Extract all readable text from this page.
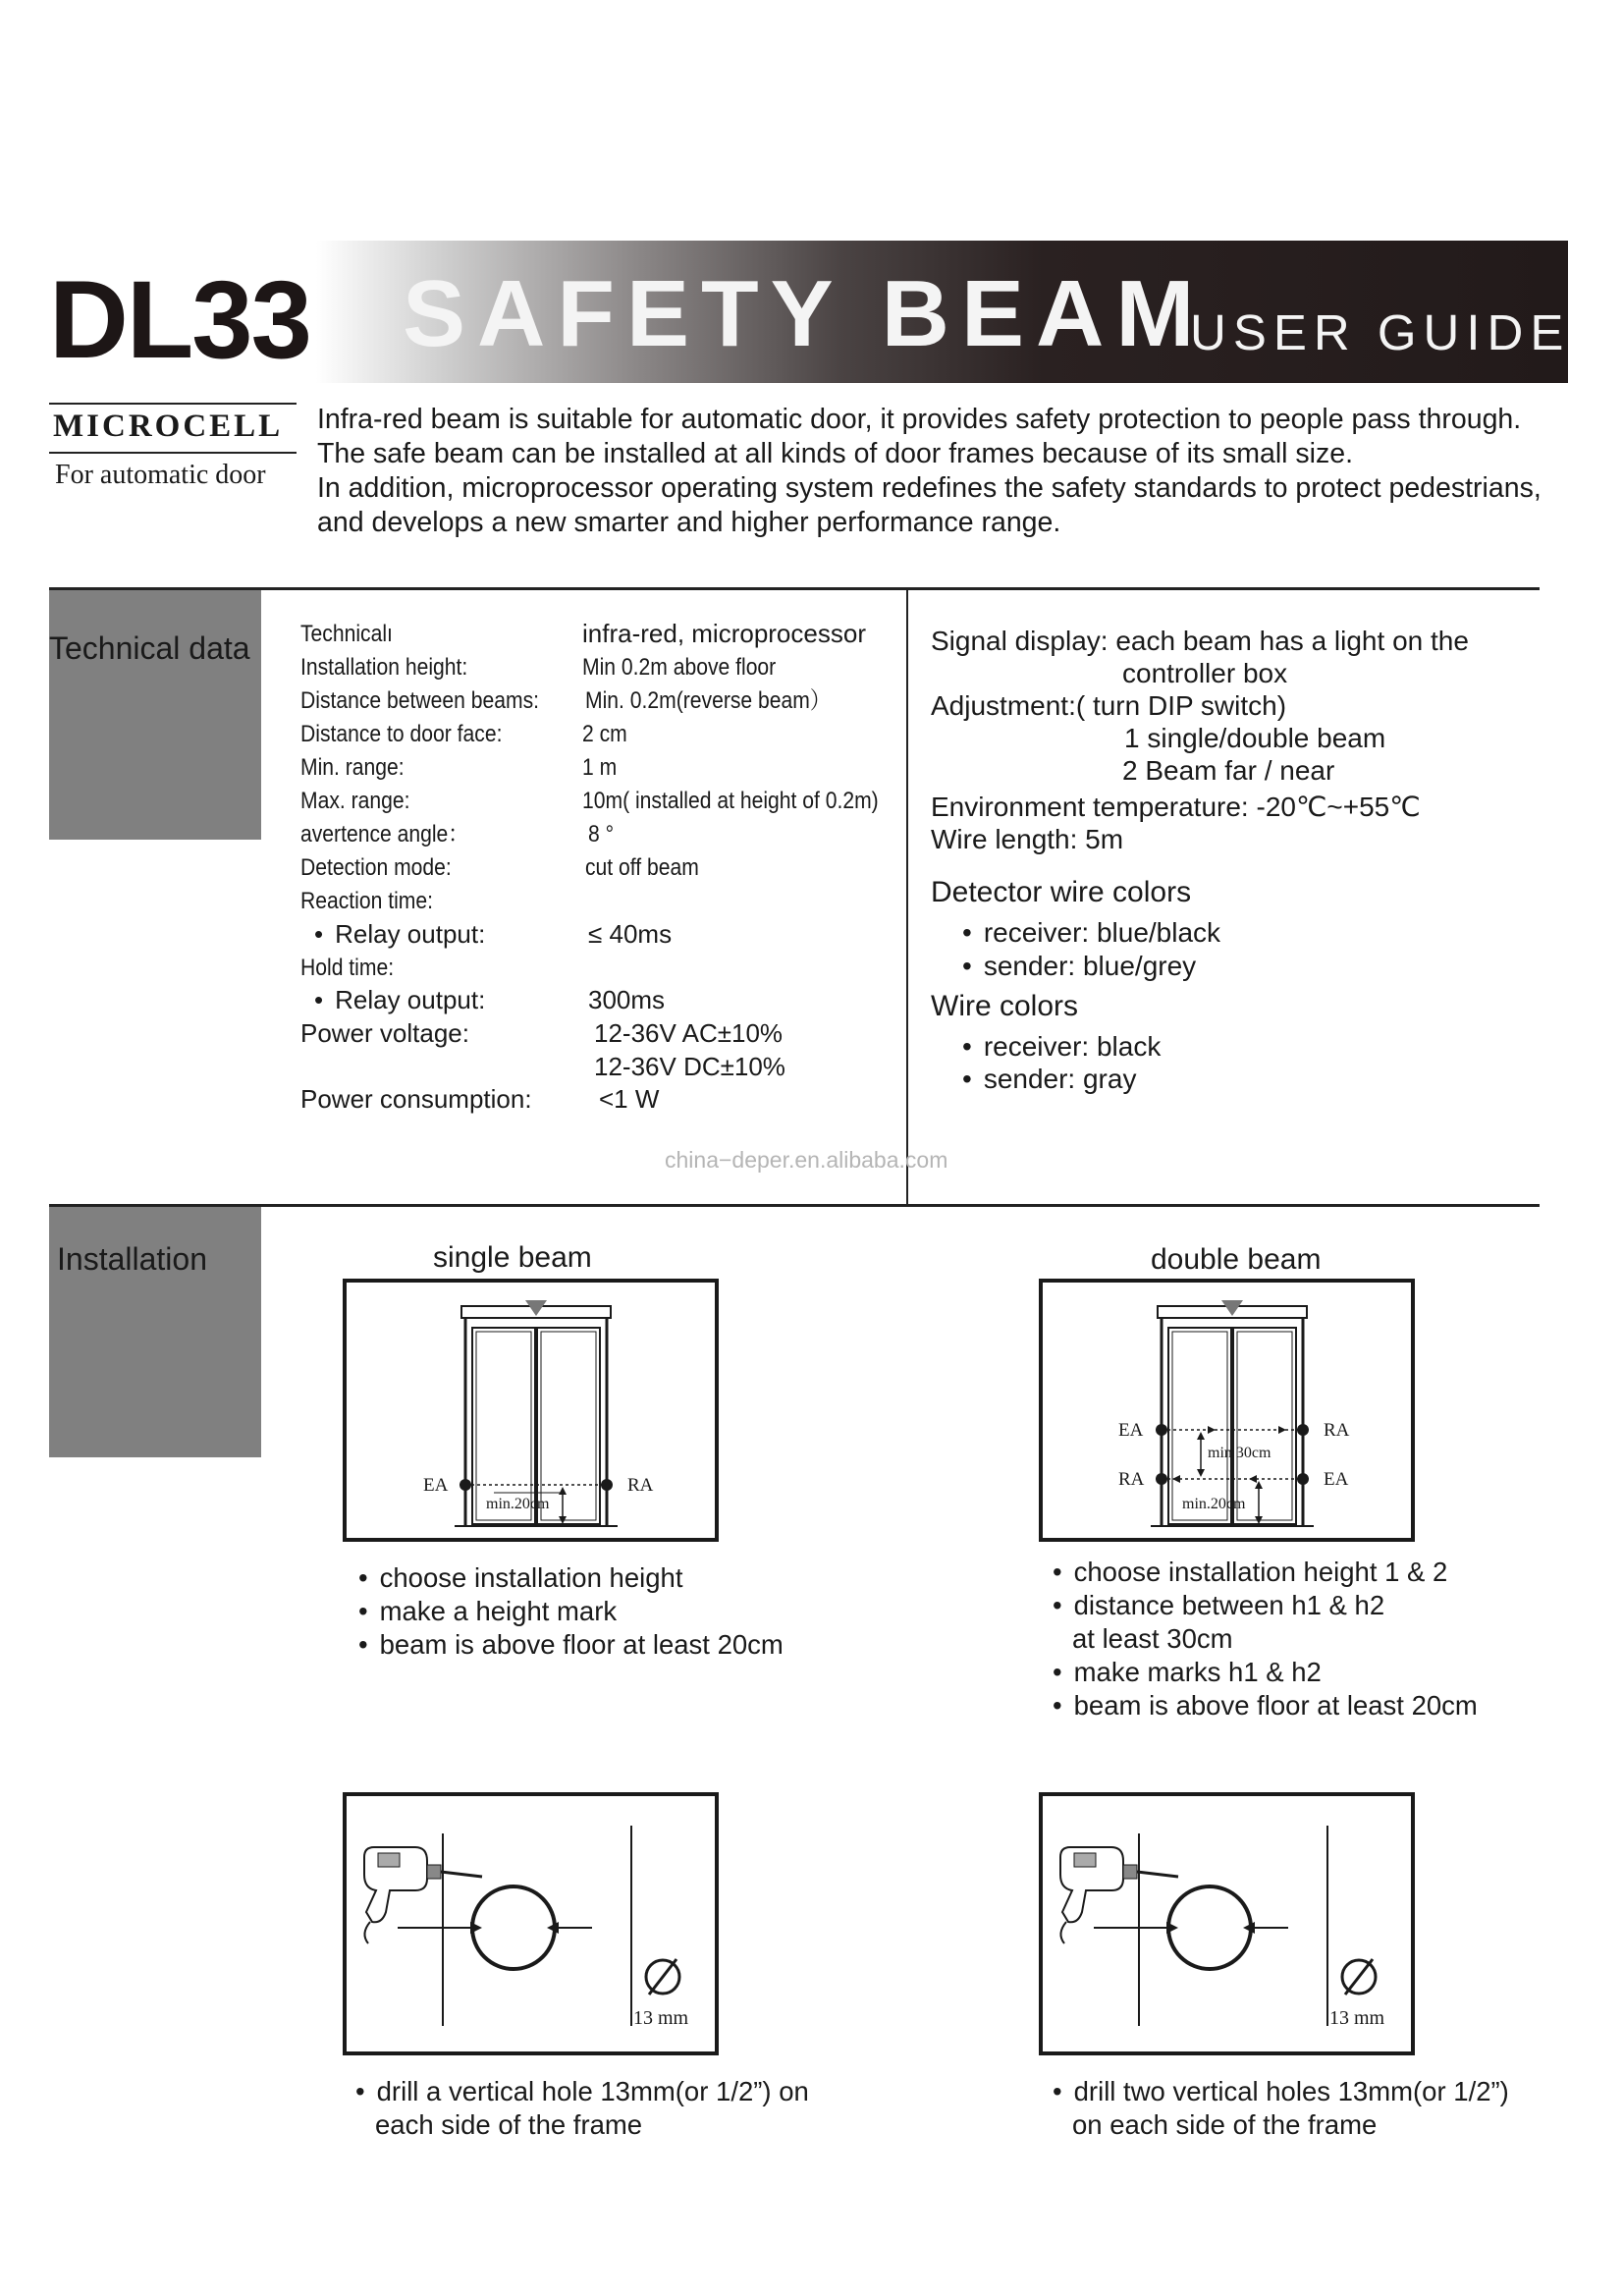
DL33 SAFETY BEAM
USER GUIDE
MICROCELL
For automatic door
Infra-red beam is suitable for automatic door, it provides safety protection to people pass through.
The safe beam can be installed at all kinds of door frames because of its small size.
In addition, microprocessor operating system redefines the safety standards to protect pedestrians,
and develops a new smarter and higher performance range.
Technical data Technicalı	infra-red, microprocessor
Installation height:	Min 0.2m above floor
Distance between beams: Min. 0.2m(reverse beam）
Distance to door face:	2 cm
Min. range:	1 m
Max. range:	10m( installed at height of 0.2m)
avertence angle：	8 °
Detection mode:	cut off beam
Reaction time:
• Relay output:	≤ 40ms
Hold time:
• Relay output:	300ms
Power voltage:	12-36V AC±10%
12-36V DC±10%
Power consumption:	<1 W
Signal display: each beam has a light on the
controller box
Adjustment:( turn DIP switch)
1 single/double beam
2 Beam far / near
Environment temperature: -20℃~+55℃
Wire length: 5m
Detector wire colors
• receiver: blue/black
• sender: blue/grey
Wire colors
• receiver: black
• sender: gray
china−deper.en.alibaba.com
Installation	single beam	double beam
min.20cm
EA	RA
min 30cm
min.20cm
EA	RA
RA	EA
• choose installation height
• make a height mark
• beam is above floor at least 20cm
• choose installation height 1 & 2
• distance between h1 & h2
at least 30cm
• make marks h1 & h2
• beam is above floor at least 20cm
13 mm	13 mm
• drill a vertical hole 13mm(or 1/2”) on
each side of the frame
• drill two vertical holes 13mm(or 1/2”)
on each side of the frame
